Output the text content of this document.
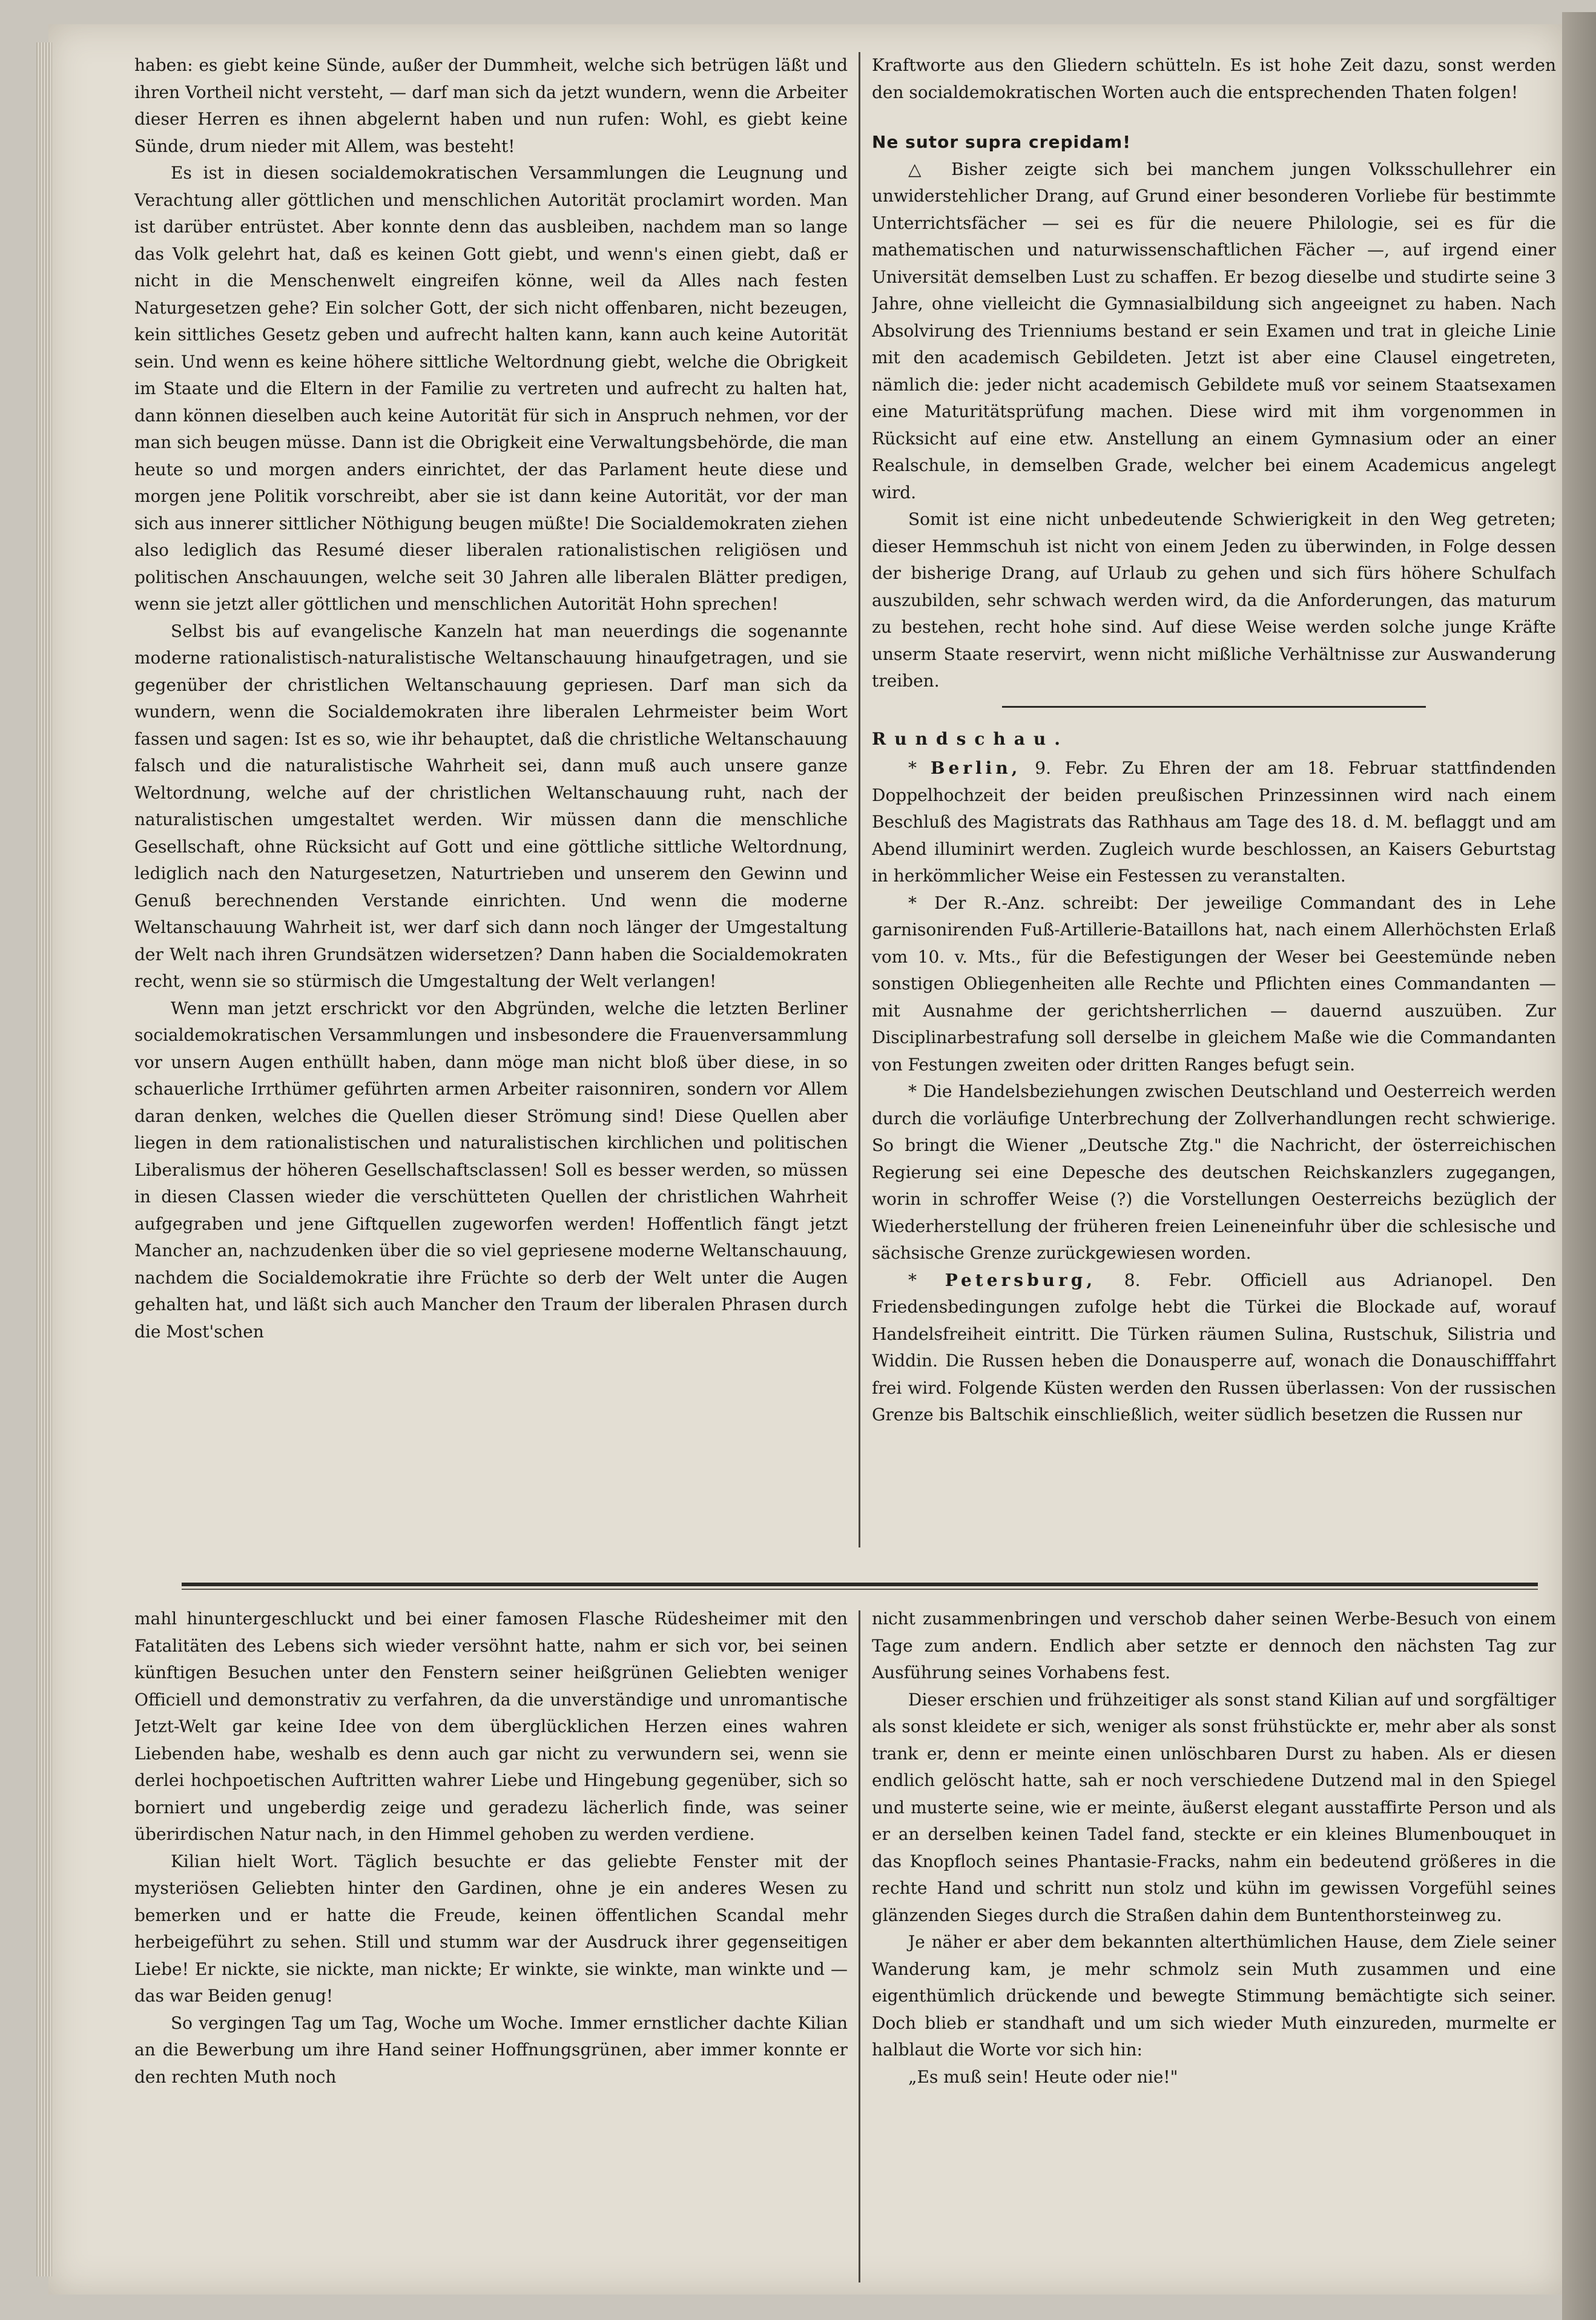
haben: es giebt keine Sünde, außer der Dummheit, welche sich betrügen läßt und ihren Vortheil nicht versteht, — darf man sich da jetzt wundern, wenn die Arbeiter dieser Herren es ihnen abgelernt haben und nun rufen: Wohl, es giebt keine Sünde, drum nieder mit Allem, was besteht!

Es ist in diesen socialdemokratischen Versammlungen die Leugnung und Verachtung aller göttlichen und menschlichen Autorität proclamirt worden. Man ist darüber entrüstet. Aber konnte denn das ausbleiben, nachdem man so lange das Volk gelehrt hat, daß es keinen Gott giebt, und wenn's einen giebt, daß er nicht in die Menschenwelt eingreifen könne, weil da Alles nach festen Naturgesetzen gehe? Ein solcher Gott, der sich nicht offenbaren, nicht bezeugen, kein sittliches Gesetz geben und aufrecht halten kann, kann auch keine Autorität sein. Und wenn es keine höhere sittliche Weltordnung giebt, welche die Obrigkeit im Staate und die Eltern in der Familie zu vertreten und aufrecht zu halten hat, dann können dieselben auch keine Autorität für sich in Anspruch nehmen, vor der man sich beugen müsse. Dann ist die Obrigkeit eine Verwaltungsbehörde, die man heute so und morgen anders einrichtet, der das Parlament heute diese und morgen jene Politik vorschreibt, aber sie ist dann keine Autorität, vor der man sich aus innerer sittlicher Nöthigung beugen müßte! Die Socialdemokraten ziehen also lediglich das Resumé dieser liberalen rationalistischen religiösen und politischen Anschauungen, welche seit 30 Jahren alle liberalen Blätter predigen, wenn sie jetzt aller göttlichen und menschlichen Autorität Hohn sprechen!

Selbst bis auf evangelische Kanzeln hat man neuerdings die sogenannte moderne rationalistisch-naturalistische Weltanschauung hinaufgetragen, und sie gegenüber der christlichen Weltanschauung gepriesen. Darf man sich da wundern, wenn die Socialdemokraten ihre liberalen Lehrmeister beim Wort fassen und sagen: Ist es so, wie ihr behauptet, daß die christliche Weltanschauung falsch und die naturalistische Wahrheit sei, dann muß auch unsere ganze Weltordnung, welche auf der christlichen Weltanschauung ruht, nach der naturalistischen umgestaltet werden. Wir müssen dann die menschliche Gesellschaft, ohne Rücksicht auf Gott und eine göttliche sittliche Weltordnung, lediglich nach den Naturgesetzen, Naturtrieben und unserem den Gewinn und Genuß berechnenden Verstande einrichten. Und wenn die moderne Weltanschauung Wahrheit ist, wer darf sich dann noch länger der Umgestaltung der Welt nach ihren Grundsätzen widersetzen? Dann haben die Socialdemokraten recht, wenn sie so stürmisch die Umgestaltung der Welt verlangen!

Wenn man jetzt erschrickt vor den Abgründen, welche die letzten Berliner socialdemokratischen Versammlungen und insbesondere die Frauenversammlung vor unsern Augen enthüllt haben, dann möge man nicht bloß über diese, in so schauerliche Irrthümer geführten armen Arbeiter raisonniren, sondern vor Allem daran denken, welches die Quellen dieser Strömung sind! Diese Quellen aber liegen in dem rationalistischen und naturalistischen kirchlichen und politischen Liberalismus der höheren Gesellschaftsclassen! Soll es besser werden, so müssen in diesen Classen wieder die verschütteten Quellen der christlichen Wahrheit aufgegraben und jene Giftquellen zugeworfen werden! Hoffentlich fängt jetzt Mancher an, nachzudenken über die so viel gepriesene moderne Weltanschauung, nachdem die Socialdemokratie ihre Früchte so derb der Welt unter die Augen gehalten hat, und läßt sich auch Mancher den Traum der liberalen Phrasen durch die Most'schen

Kraftworte aus den Gliedern schütteln. Es ist hohe Zeit dazu, sonst werden den socialdemokratischen Worten auch die entsprechenden Thaten folgen!

Ne sutor supra crepidam!

△ Bisher zeigte sich bei manchem jungen Volksschullehrer ein unwiderstehlicher Drang, auf Grund einer besonderen Vorliebe für bestimmte Unterrichtsfächer — sei es für die neuere Philologie, sei es für die mathematischen und naturwissenschaftlichen Fächer —, auf irgend einer Universität demselben Lust zu schaffen. Er bezog dieselbe und studirte seine 3 Jahre, ohne vielleicht die Gymnasialbildung sich angeeignet zu haben. Nach Absolvirung des Trienniums bestand er sein Examen und trat in gleiche Linie mit den academisch Gebildeten. Jetzt ist aber eine Clausel eingetreten, nämlich die: jeder nicht academisch Gebildete muß vor seinem Staatsexamen eine Maturitätsprüfung machen. Diese wird mit ihm vorgenommen in Rücksicht auf eine etw. Anstellung an einem Gymnasium oder an einer Realschule, in demselben Grade, welcher bei einem Academicus angelegt wird.

Somit ist eine nicht unbedeutende Schwierigkeit in den Weg getreten; dieser Hemmschuh ist nicht von einem Jeden zu überwinden, in Folge dessen der bisherige Drang, auf Urlaub zu gehen und sich fürs höhere Schulfach auszubilden, sehr schwach werden wird, da die Anforderungen, das maturum zu bestehen, recht hohe sind. Auf diese Weise werden solche junge Kräfte unserm Staate reservirt, wenn nicht mißliche Verhältnisse zur Auswanderung treiben.

Rundschau.

* Berlin, 9. Febr. Zu Ehren der am 18. Februar stattfindenden Doppelhochzeit der beiden preußischen Prinzessinnen wird nach einem Beschluß des Magistrats das Rathhaus am Tage des 18. d. M. beflaggt und am Abend illuminirt werden. Zugleich wurde beschlossen, an Kaisers Geburtstag in herkömmlicher Weise ein Festessen zu veranstalten.

* Der R.-Anz. schreibt: Der jeweilige Commandant des in Lehe garnisonirenden Fuß-Artillerie-Bataillons hat, nach einem Allerhöchsten Erlaß vom 10. v. Mts., für die Befestigungen der Weser bei Geestemünde neben sonstigen Obliegenheiten alle Rechte und Pflichten eines Commandanten — mit Ausnahme der gerichtsherrlichen — dauernd auszuüben. Zur Disciplinarbestrafung soll derselbe in gleichem Maße wie die Commandanten von Festungen zweiten oder dritten Ranges befugt sein.

* Die Handelsbeziehungen zwischen Deutschland und Oesterreich werden durch die vorläufige Unterbrechung der Zollverhandlungen recht schwierige. So bringt die Wiener „Deutsche Ztg." die Nachricht, der österreichischen Regierung sei eine Depesche des deutschen Reichskanzlers zugegangen, worin in schroffer Weise (?) die Vorstellungen Oesterreichs bezüglich der Wiederherstellung der früheren freien Leineneinfuhr über die schlesische und sächsische Grenze zurückgewiesen worden.

* Petersburg, 8. Febr. Officiell aus Adrianopel. Den Friedensbedingungen zufolge hebt die Türkei die Blockade auf, worauf Handelsfreiheit eintritt. Die Türken räumen Sulina, Rustschuk, Silistria und Widdin. Die Russen heben die Donausperre auf, wonach die Donauschifffahrt frei wird. Folgende Küsten werden den Russen überlassen: Von der russischen Grenze bis Baltschik einschließlich, weiter südlich besetzen die Russen nur

mahl hinuntergeschluckt und bei einer famosen Flasche Rüdesheimer mit den Fatalitäten des Lebens sich wieder versöhnt hatte, nahm er sich vor, bei seinen künftigen Besuchen unter den Fenstern seiner heißgrünen Geliebten weniger Officiell und demonstrativ zu verfahren, da die unverständige und unromantische Jetzt-Welt gar keine Idee von dem überglücklichen Herzen eines wahren Liebenden habe, weshalb es denn auch gar nicht zu verwundern sei, wenn sie derlei hochpoetischen Auftritten wahrer Liebe und Hingebung gegenüber, sich so borniert und ungeberdig zeige und geradezu lächerlich finde, was seiner überirdischen Natur nach, in den Himmel gehoben zu werden verdiene.

Kilian hielt Wort. Täglich besuchte er das geliebte Fenster mit der mysteriösen Geliebten hinter den Gardinen, ohne je ein anderes Wesen zu bemerken und er hatte die Freude, keinen öffentlichen Scandal mehr herbeigeführt zu sehen. Still und stumm war der Ausdruck ihrer gegenseitigen Liebe! Er nickte, sie nickte, man nickte; Er winkte, sie winkte, man winkte und — das war Beiden genug!

So vergingen Tag um Tag, Woche um Woche. Immer ernstlicher dachte Kilian an die Bewerbung um ihre Hand seiner Hoffnungsgrünen, aber immer konnte er den rechten Muth noch

nicht zusammenbringen und verschob daher seinen Werbe-Besuch von einem Tage zum andern. Endlich aber setzte er dennoch den nächsten Tag zur Ausführung seines Vorhabens fest.

Dieser erschien und frühzeitiger als sonst stand Kilian auf und sorgfältiger als sonst kleidete er sich, weniger als sonst frühstückte er, mehr aber als sonst trank er, denn er meinte einen unlöschbaren Durst zu haben. Als er diesen endlich gelöscht hatte, sah er noch verschiedene Dutzend mal in den Spiegel und musterte seine, wie er meinte, äußerst elegant ausstaffirte Person und als er an derselben keinen Tadel fand, steckte er ein kleines Blumenbouquet in das Knopfloch seines Phantasie-Fracks, nahm ein bedeutend größeres in die rechte Hand und schritt nun stolz und kühn im gewissen Vorgefühl seines glänzenden Sieges durch die Straßen dahin dem Buntenthorsteinweg zu.

Je näher er aber dem bekannten alterthümlichen Hause, dem Ziele seiner Wanderung kam, je mehr schmolz sein Muth zusammen und eine eigenthümlich drückende und bewegte Stimmung bemächtigte sich seiner. Doch blieb er standhaft und um sich wieder Muth einzureden, murmelte er halblaut die Worte vor sich hin:

„Es muß sein! Heute oder nie!"
